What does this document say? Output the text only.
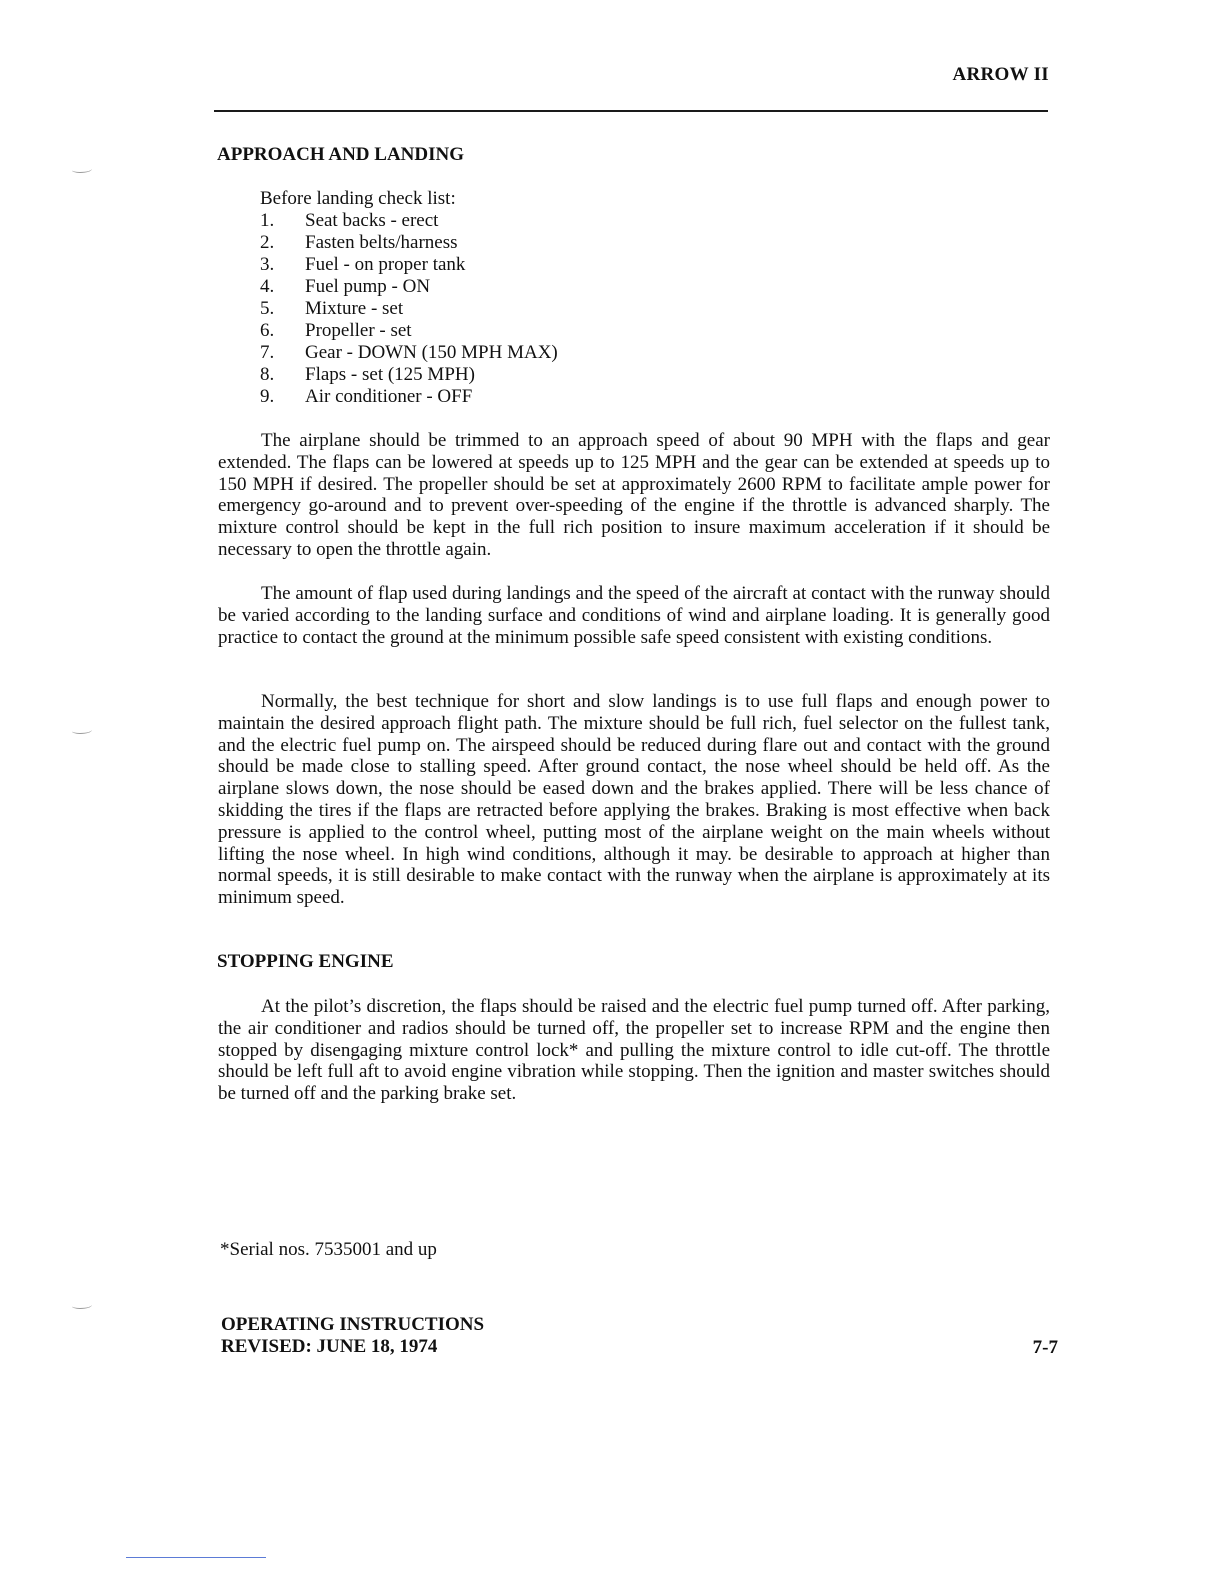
ARROW II
APPROACH AND LANDING

Before landing check list:

1.	Seat backs - erect
2.	Fasten belts/harness
3.	Fuel - on proper tank
4.	Fuel pump - ON
5.	Mixture - set
6.	Propeller - set
7.	Gear - DOWN (150 MPH MAX)
8.	Flaps - set (125 MPH)
9.	Air conditioner - OFF

The airplane should be trimmed to an approach speed of about 90 MPH with the flaps and gear extended. The flaps can be lowered at speeds up to 125 MPH and the gear can be extended at speeds up to 150 MPH if desired. The propeller should be set at approximately 2600 RPM to facilitate ample power for emergency go-around and to prevent over-speeding of the engine if the throttle is advanced sharply. The mixture control should be kept in the full rich position to insure maximum acceleration if it should be necessary to open the throttle again.

The amount of flap used during landings and the speed of the aircraft at contact with the runway should be varied according to the landing surface and conditions of wind and airplane loading. It is generally good practice to contact the ground at the minimum possible safe speed consistent with existing conditions.

Normally, the best technique for short and slow landings is to use full flaps and enough power to maintain the desired approach flight path. The mixture should be full rich, fuel selector on the fullest tank, and the electric fuel pump on. The airspeed should be reduced during flare out and contact with the ground should be made close to stalling speed. After ground contact, the nose wheel should be held off. As the airplane slows down, the nose should be eased down and the brakes applied. There will be less chance of skidding the tires if the flaps are retracted before applying the brakes. Braking is most effective when back pressure is applied to the control wheel, putting most of the airplane weight on the main wheels without lifting the nose wheel. In high wind conditions, although it may. be desirable to approach at higher than normal speeds, it is still desirable to make contact with the runway when the airplane is approximately at its minimum speed.

STOPPING ENGINE

At the pilot’s discretion, the flaps should be raised and the electric fuel pump turned off. After parking, the air conditioner and radios should be turned off, the propeller set to increase RPM and the engine then stopped by disengaging mixture control lock* and pulling the mixture control to idle cut-off. The throttle should be left full aft to avoid engine vibration while stopping. Then the ignition and master switches should be turned off and the parking brake set.

*Serial nos. 7535001 and up

OPERATING INSTRUCTIONS
REVISED: JUNE 18, 1974	7-7
